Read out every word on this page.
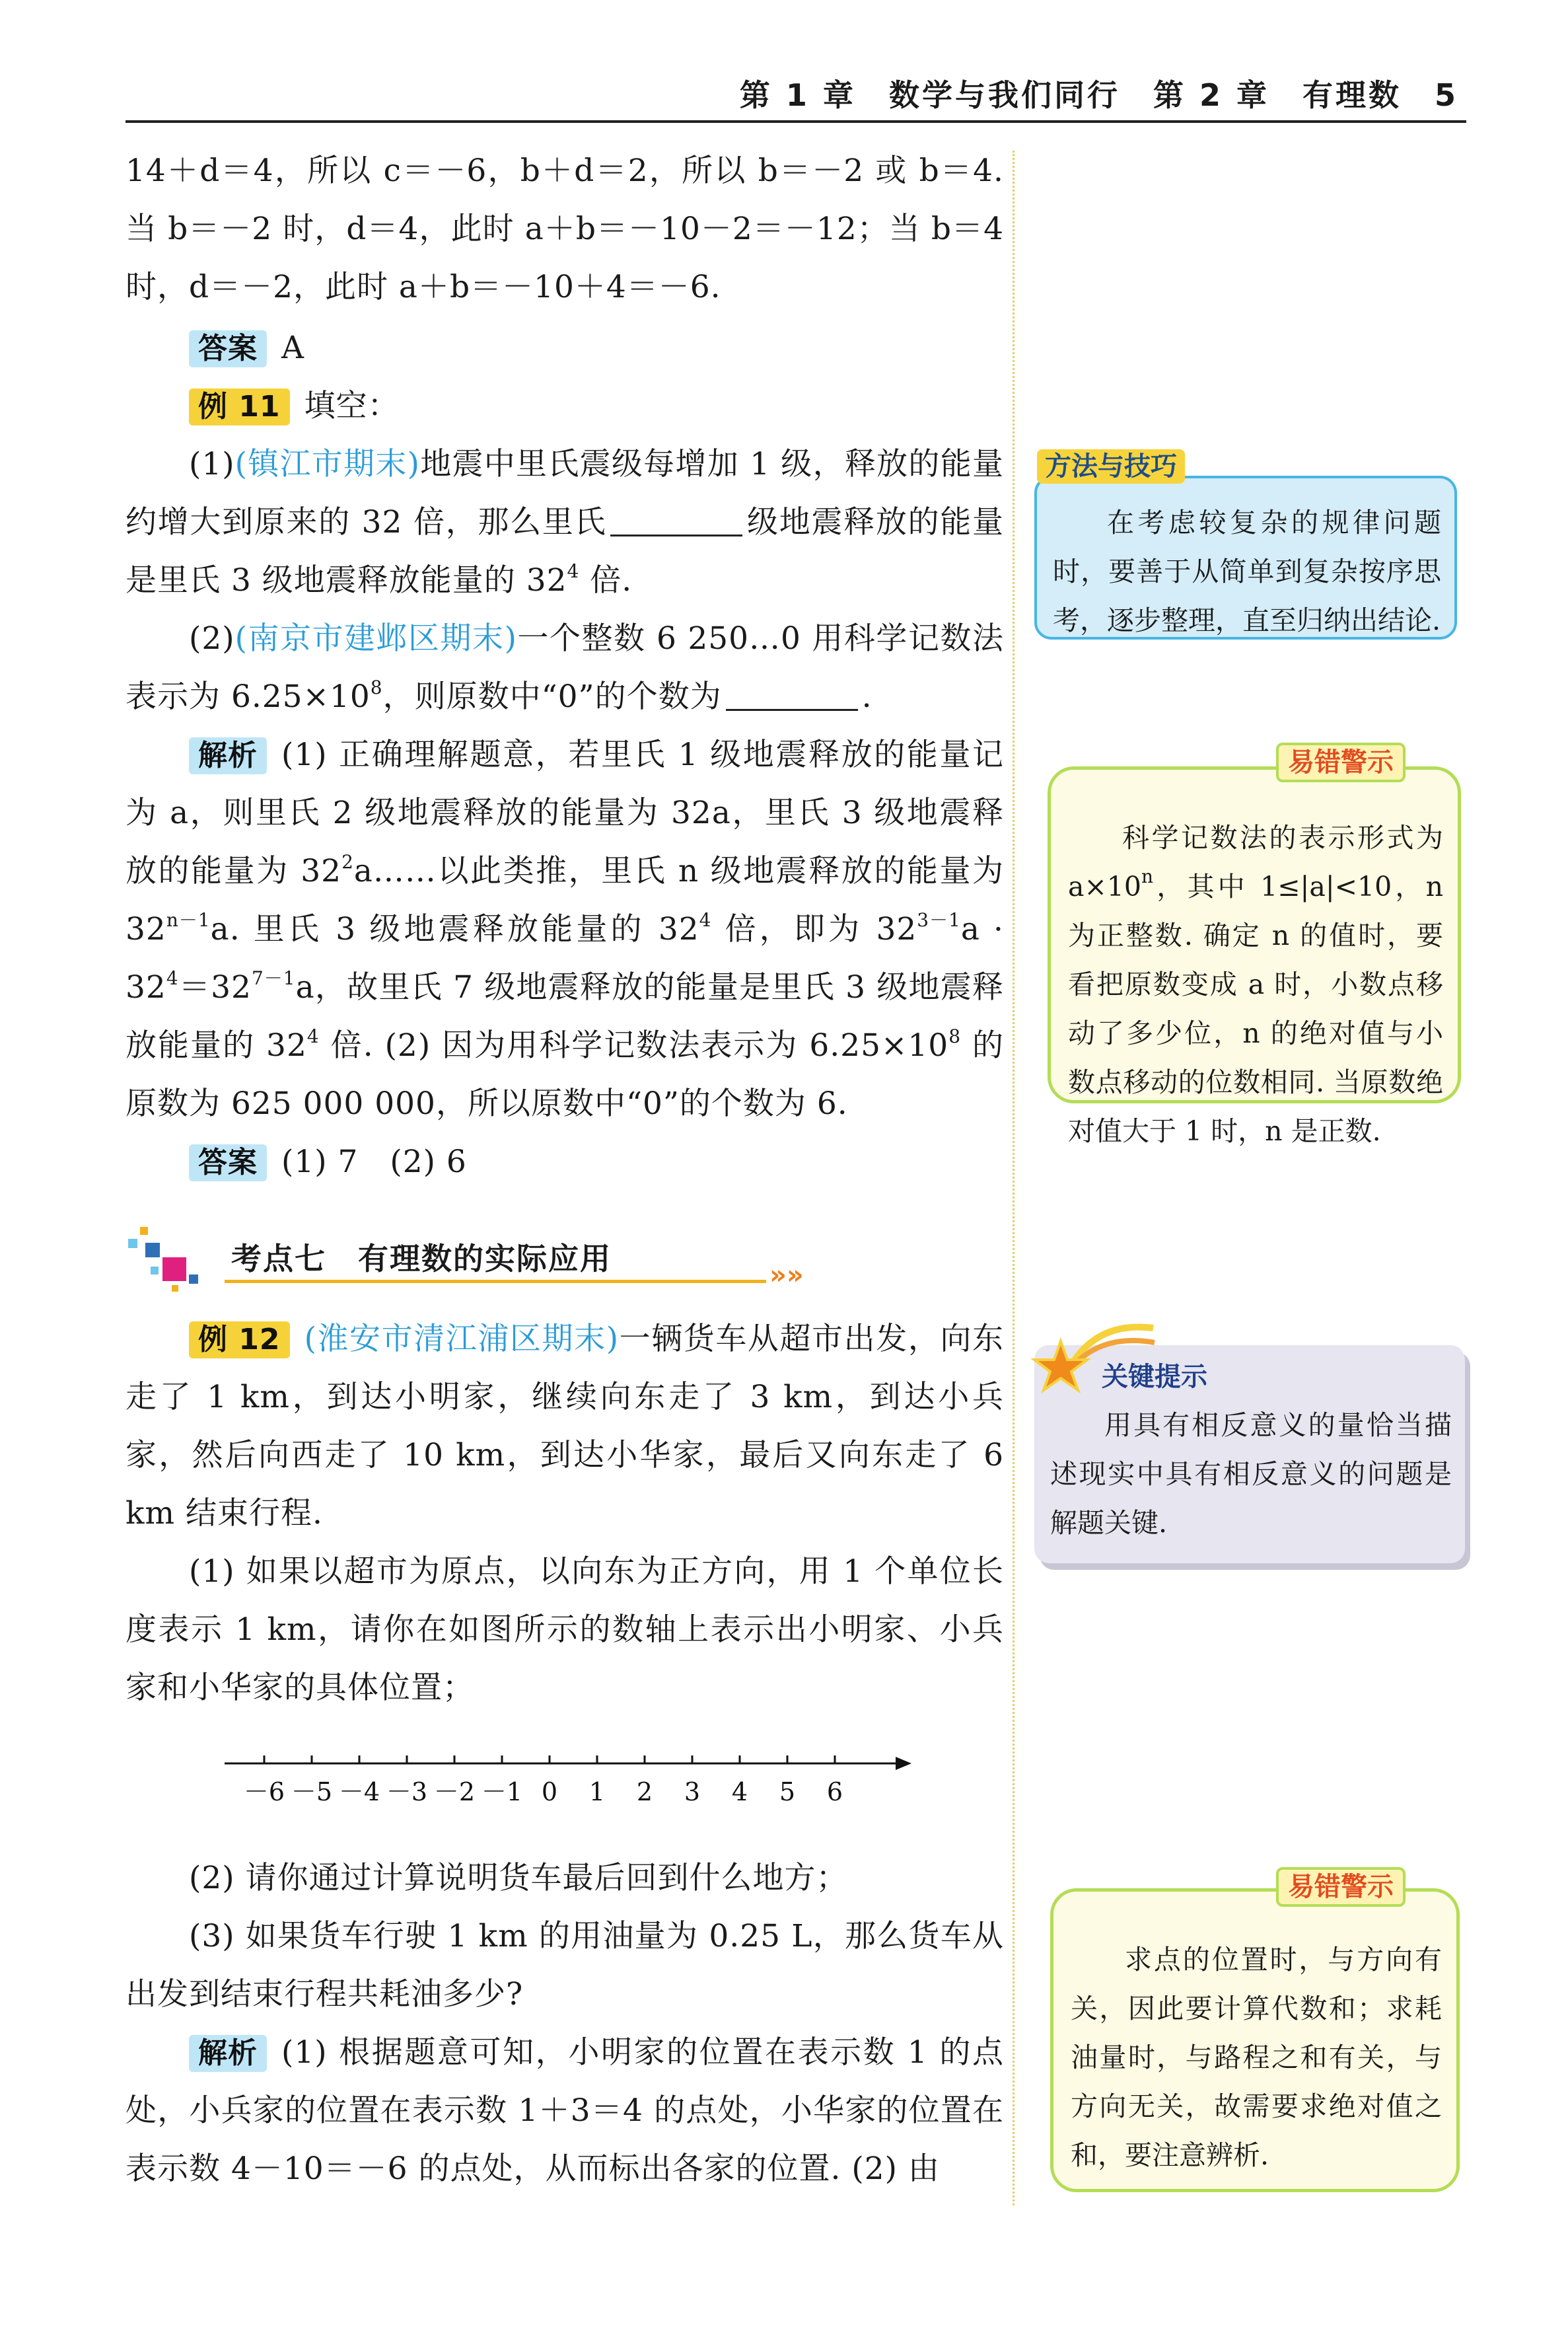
第 1 章　数学与我们同行　第 2 章　有理数　5

14＋d＝4，所以 c＝－6，b＋d＝2，所以 b＝－2 或 b＝4. 当 b＝－2 时，d＝4，此时 a＋b＝－10－2＝－12；当 b＝4 时，d＝－2，此时 a＋b＝－10＋4＝－6.

答案 A

例 11 填空：

(1)(镇江市期末)地震中里氏震级每增加 1 级，释放的能量约增大到原来的 32 倍，那么里氏	级地震释放的能量是里氏 3 级地震释放能量的 $32^4$ 倍.

(2)(南京市建邺区期末)一个整数 6 250…0 用科学记数法表示为 $6.25\times 10^8$，则原数中“0”的个数为	.

解析 (1) 正确理解题意，若里氏 1 级地震释放的能量记为 a，则里氏 2 级地震释放的能量为 32a，里氏 3 级地震释放的能量为 $32^2a\dots\dots$以此类推，里氏 n 级地震释放的能量为 $32^{n-1}a$. 里氏 3 级地震释放能量的 $32^4$ 倍，即为 $32^{3-1}a \cdot 32^4=32^{7-1}a$，故里氏 7 级地震释放的能量是里氏 3 级地震释放能量的 $32^4$ 倍. (2) 因为用科学记数法表示为 $6.25\times 10^8$ 的原数为 625 000 000，所以原数中“0”的个数为 6.

答案 (1) 7　(2) 6

考点七　有理数的实际应用	»»

例 12 (淮安市清江浦区期末)一辆货车从超市出发，向东走了 1 km，到达小明家，继续向东走了 3 km，到达小兵家，然后向西走了 10 km，到达小华家，最后又向东走了 6 km 结束行程.

(1) 如果以超市为原点，以向东为正方向，用 1 个单位长度表示 1 km，请你在如图所示的数轴上表示出小明家、小兵家和小华家的具体位置；

－6 －5 －4 －3 －2 －1 0 1 2 3 4 5 6

(2) 请你通过计算说明货车最后回到什么地方；

(3) 如果货车行驶 1 km 的用油量为 0.25 L，那么货车从出发到结束行程共耗油多少?

解析 (1) 根据题意可知，小明家的位置在表示数 1 的点处，小兵家的位置在表示数 1＋3＝4 的点处，小华家的位置在表示数 4－10＝－6 的点处，从而标出各家的位置. (2) 由

在考虑较复杂的规律问题时，要善于从简单到复杂按序思考，逐步整理，直至归纳出结论.

方法与技巧

科学记数法的表示形式为 $a\times 10^n$，其中 1≤|a|<10，n 为正整数. 确定 n 的值时，要看把原数变成 a 时，小数点移动了多少位，n 的绝对值与小数点移动的位数相同. 当原数绝对值大于 1 时，n 是正数.

易错警示

用具有相反意义的量恰当描述现实中具有相反意义的问题是解题关键.

关键提示

求点的位置时，与方向有关，因此要计算代数和；求耗油量时，与路程之和有关，与方向无关，故需要求绝对值之和，要注意辨析.

易错警示
